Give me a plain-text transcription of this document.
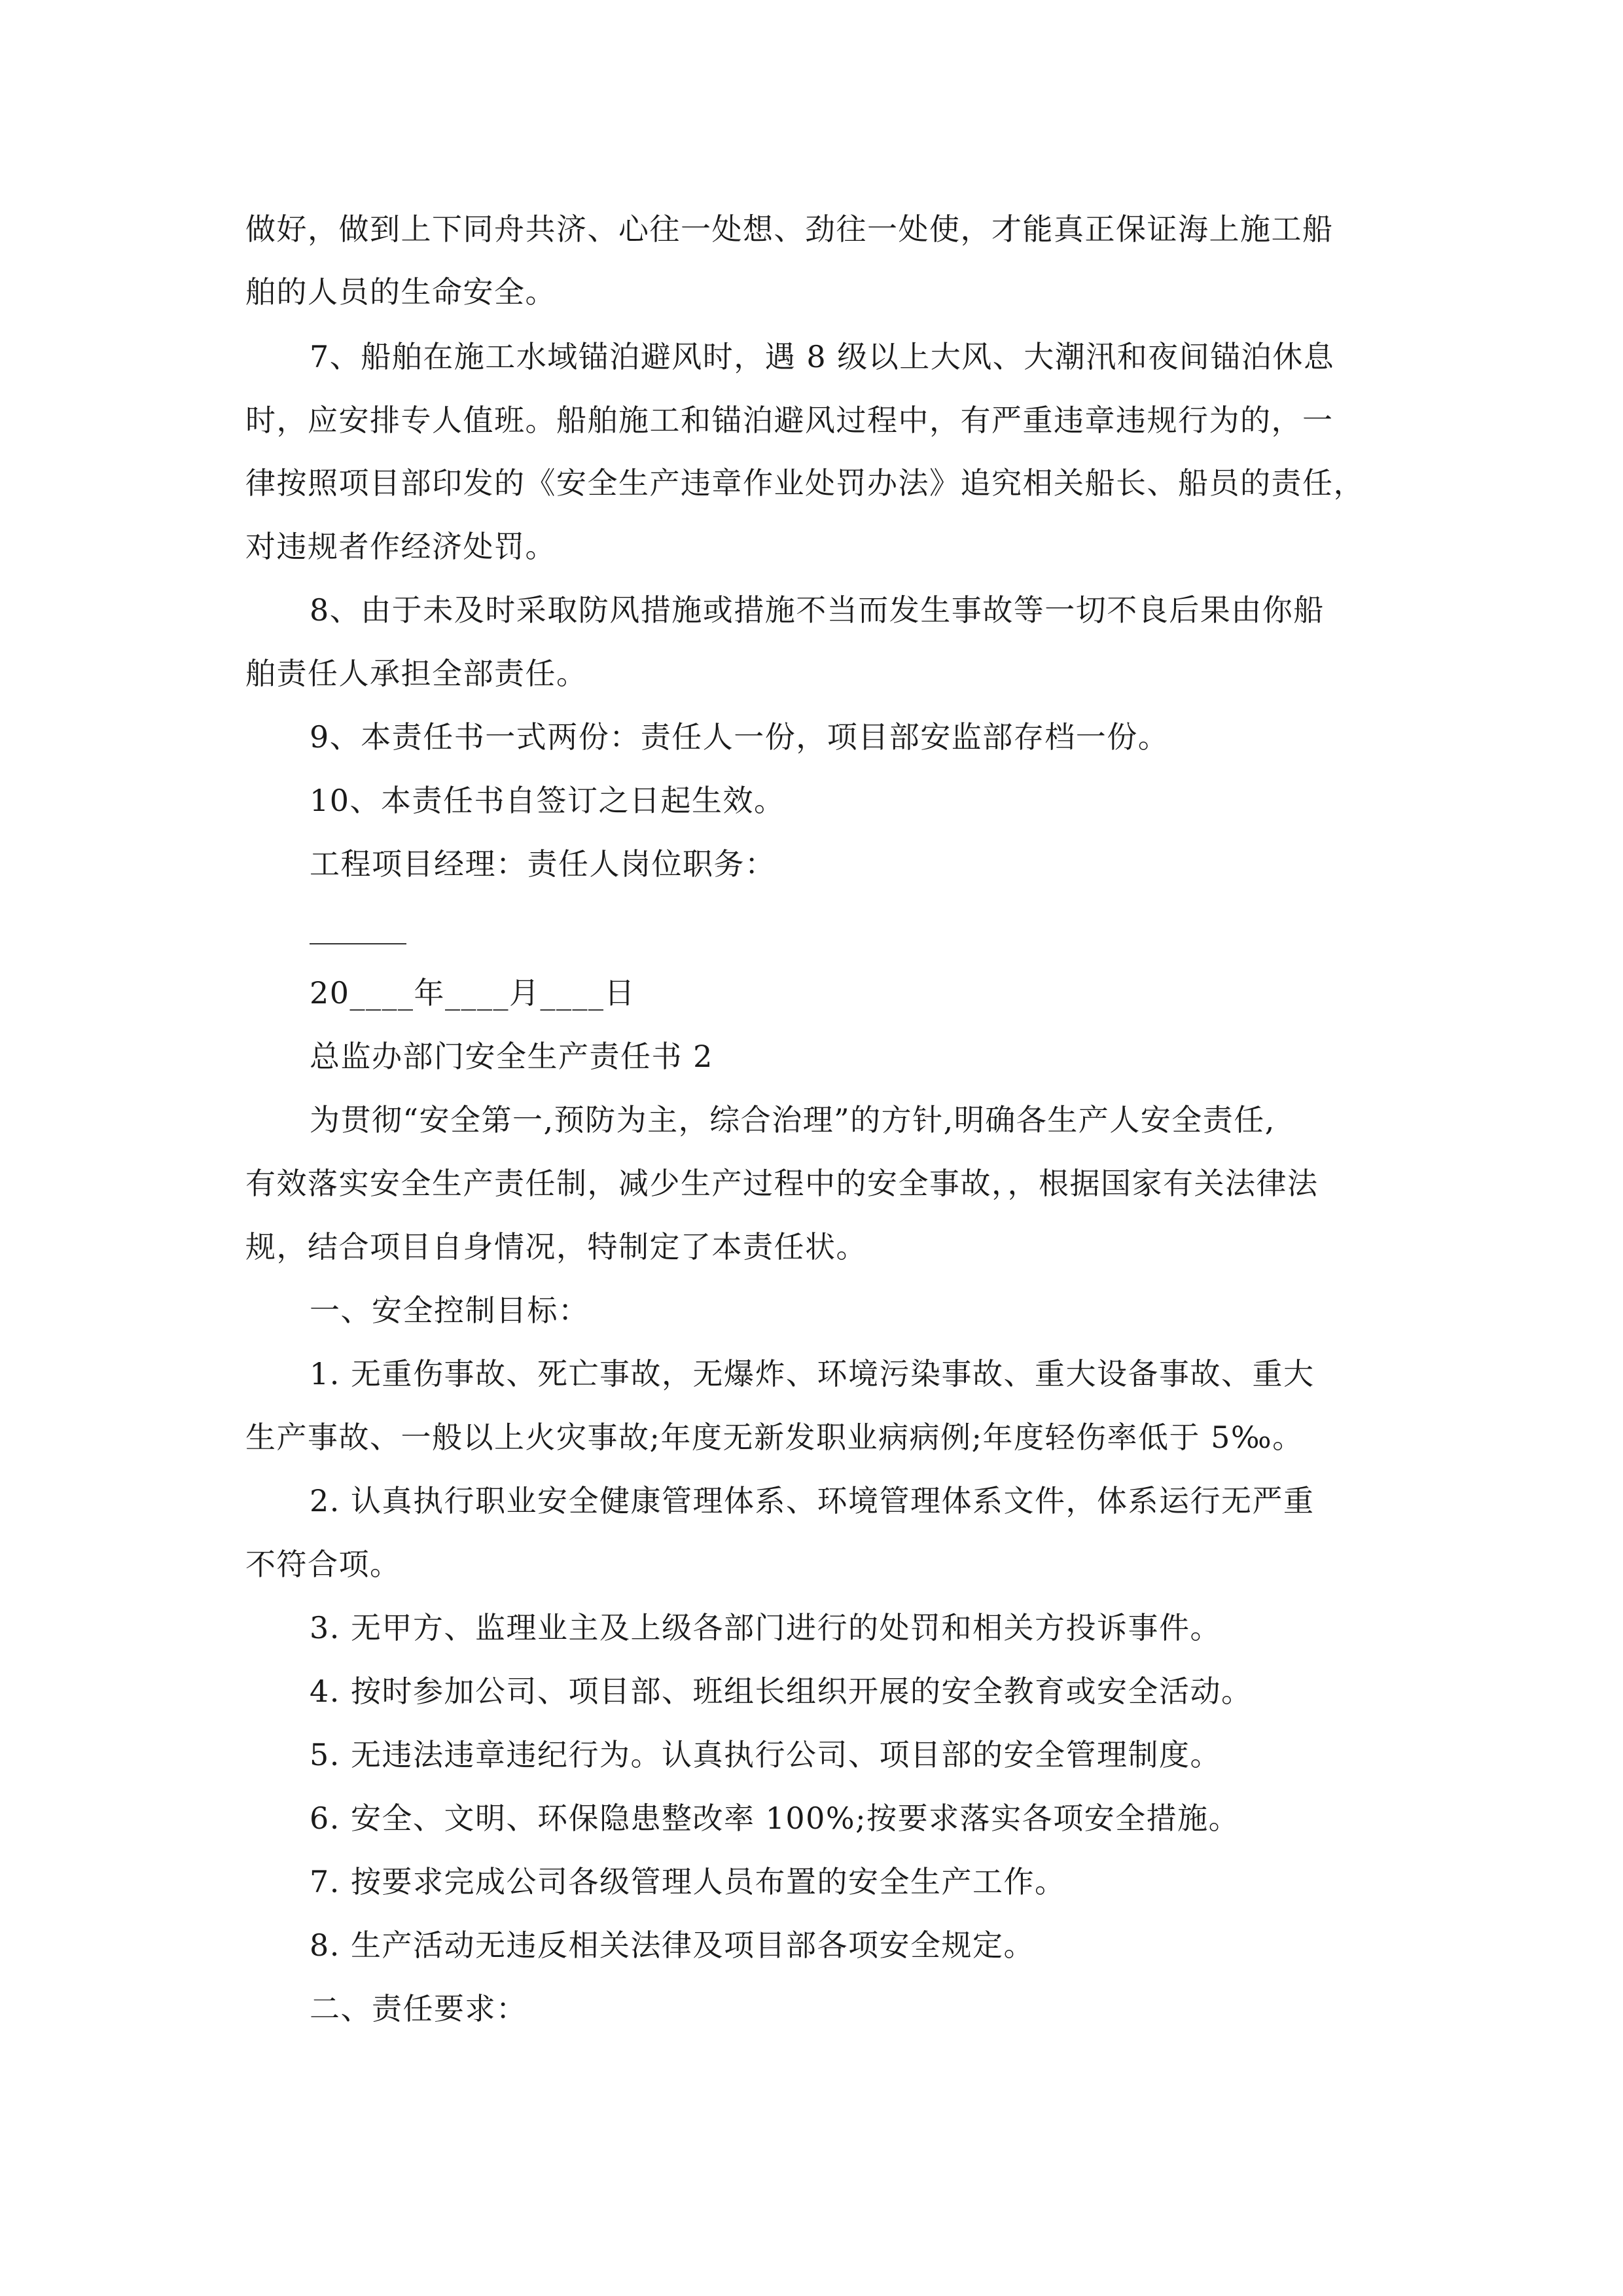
做好，做到上下同舟共济、心往一处想、劲往一处使，才能真正保证海上施工船
舶的人员的生命安全。
7、船舶在施工水域锚泊避风时，遇 8 级以上大风、大潮汛和夜间锚泊休息
时，应安排专人值班。船舶施工和锚泊避风过程中，有严重违章违规行为的，一
律按照项目部印发的《安全生产违章作业处罚办法》追究相关船长、船员的责任，
对违规者作经济处罚。
8、由于未及时采取防风措施或措施不当而发生事故等一切不良后果由你船
舶责任人承担全部责任。
9、本责任书一式两份：责任人一份，项目部安监部存档一份。
10、本责任书自签订之日起生效。
工程项目经理：责任人岗位职务：
20____年____月____日
总监办部门安全生产责任书 2
为贯彻“安全第一,预防为主，综合治理”的方针,明确各生产人安全责任,
有效落实安全生产责任制，减少生产过程中的安全事故，，根据国家有关法律法
规，结合项目自身情况，特制定了本责任状。
一、安全控制目标：
1. 无重伤事故、死亡事故，无爆炸、环境污染事故、重大设备事故、重大
生产事故、一般以上火灾事故;年度无新发职业病病例;年度轻伤率低于 5‰。
2. 认真执行职业安全健康管理体系、环境管理体系文件，体系运行无严重
不符合项。
3. 无甲方、监理业主及上级各部门进行的处罚和相关方投诉事件。
4. 按时参加公司、项目部、班组长组织开展的安全教育或安全活动。
5. 无违法违章违纪行为。认真执行公司、项目部的安全管理制度。
6. 安全、文明、环保隐患整改率 100%;按要求落实各项安全措施。
7. 按要求完成公司各级管理人员布置的安全生产工作。
8. 生产活动无违反相关法律及项目部各项安全规定。
二、责任要求：
